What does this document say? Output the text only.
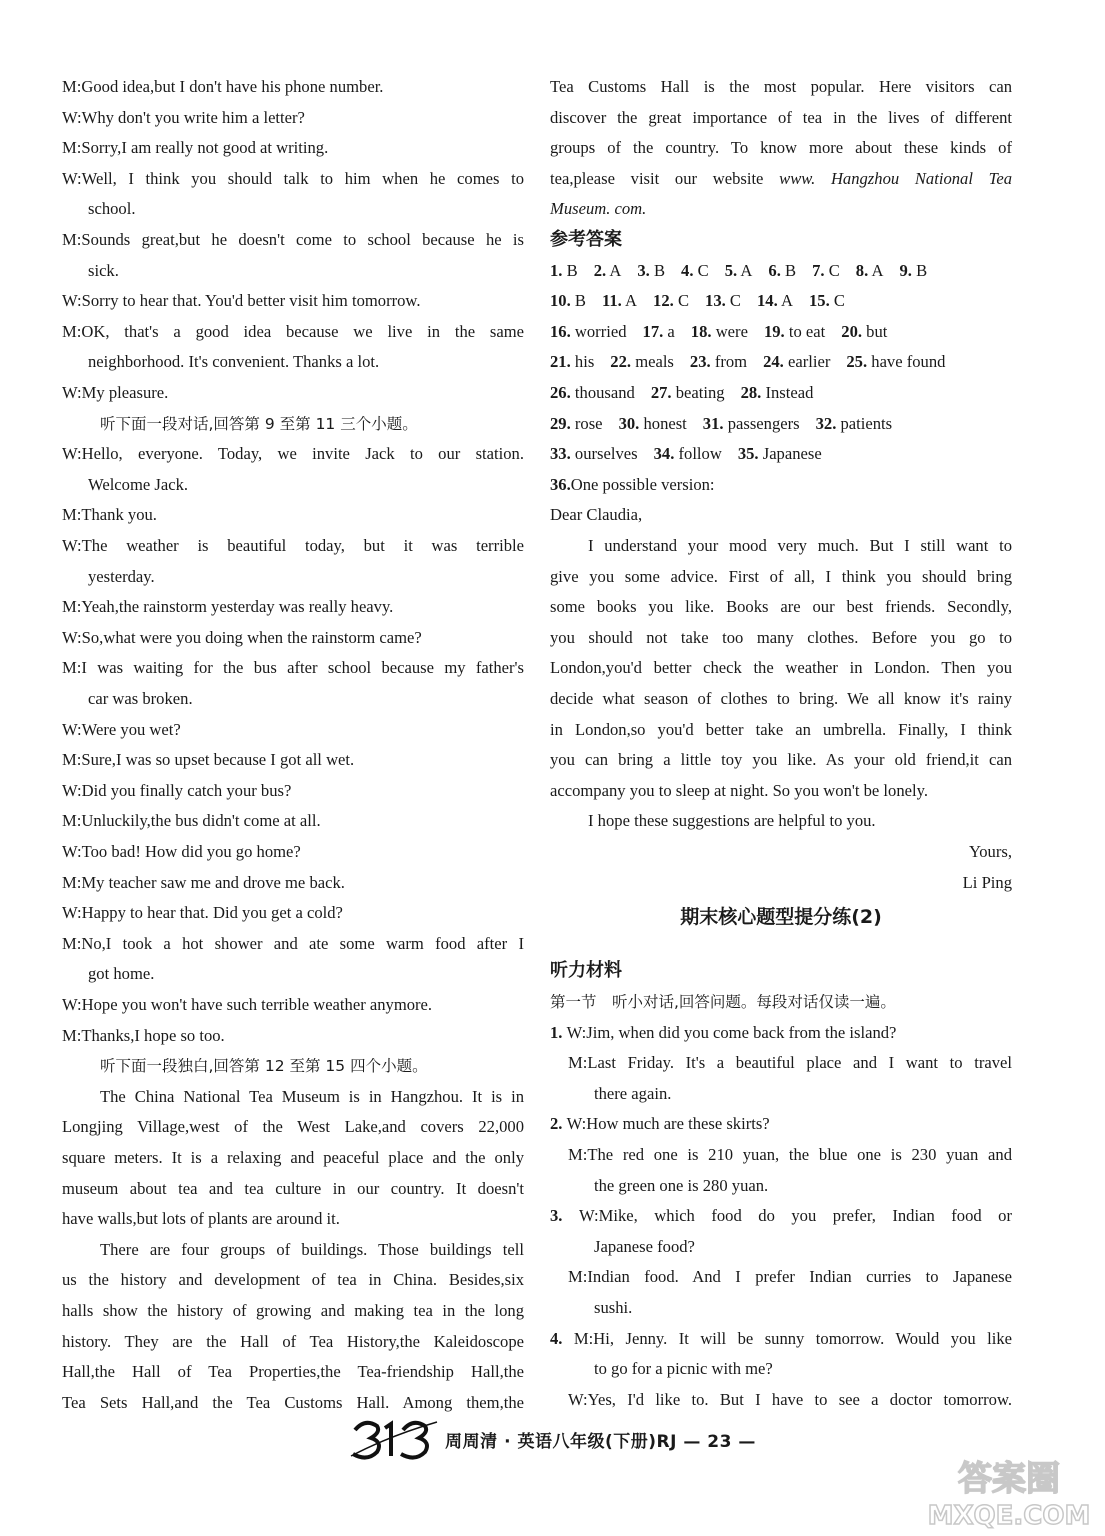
M:Good idea,but I don't have his phone number.
W:Why don't you write him a letter?
M:Sorry,I am really not good at writing.
W:Well, I think you should talk to him when he comes to
school.
M:Sounds great,but he doesn't come to school because he is
sick.
W:Sorry to hear that. You'd better visit him tomorrow.
M:OK, that's a good idea because we live in the same
neighborhood. It's convenient. Thanks a lot.
W:My pleasure.
听下面一段对话,回答第 9 至第 11 三个小题。
W:Hello, everyone. Today, we invite Jack to our station.
Welcome Jack.
M:Thank you.
W:The weather is beautiful today, but it was terrible
yesterday.
M:Yeah,the rainstorm yesterday was really heavy.
W:So,what were you doing when the rainstorm came?
M:I was waiting for the bus after school because my father's
car was broken.
W:Were you wet?
M:Sure,I was so upset because I got all wet.
W:Did you finally catch your bus?
M:Unluckily,the bus didn't come at all.
W:Too bad! How did you go home?
M:My teacher saw me and drove me back.
W:Happy to hear that. Did you get a cold?
M:No,I took a hot shower and ate some warm food after I
got home.
W:Hope you won't have such terrible weather anymore.
M:Thanks,I hope so too.
听下面一段独白,回答第 12 至第 15 四个小题。
The China National Tea Museum is in Hangzhou. It is in
Longjing Village,west of the West Lake,and covers 22,000
square meters. It is a relaxing and peaceful place and the only
museum about tea and tea culture in our country. It doesn't
have walls,but lots of plants are around it.
There are four groups of buildings. Those buildings tell
us the history and development of tea in China. Besides,six
halls show the history of growing and making tea in the long
history. They are the Hall of Tea History,the Kaleidoscope
Hall,the Hall of Tea Properties,the Tea-friendship Hall,the
Tea Sets Hall,and the Tea Customs Hall. Among them,the
Tea Customs Hall is the most popular. Here visitors can
discover the great importance of tea in the lives of different
groups of the country. To know more about these kinds of
tea,please visit our website www. Hangzhou National Tea
Museum. com.
参考答案
1. B 2. A 3. B 4. C 5. A 6. B 7. C 8. A 9. B
10. B 11. A 12. C 13. C 14. A 15. C
16. worried 17. a 18. were 19. to eat 20. but
21. his 22. meals 23. from 24. earlier 25. have found
26. thousand 27. beating 28. Instead
29. rose 30. honest 31. passengers 32. patients
33. ourselves 34. follow 35. Japanese
36.One possible version:
Dear Claudia,
I understand your mood very much. But I still want to
give you some advice. First of all, I think you should bring
some books you like. Books are our best friends. Secondly,
you should not take too many clothes. Before you go to
London,you'd better check the weather in London. Then you
decide what season of clothes to bring. We all know it's rainy
in London,so you'd better take an umbrella. Finally, I think
you can bring a little toy you like. As your old friend,it can
accompany you to sleep at night. So you won't be lonely.
I hope these suggestions are helpful to you.
Yours,
Li Ping
期末核心题型提分练(2)
听力材料
第一节　听小对话,回答问题。每段对话仅读一遍。
1. W:Jim, when did you come back from the island?
M:Last Friday. It's a beautiful place and I want to travel
there again.
2. W:How much are these skirts?
M:The red one is 210 yuan, the blue one is 230 yuan and
the green one is 280 yuan.
3. W:Mike, which food do you prefer, Indian food or
Japanese food?
M:Indian food. And I prefer Indian curries to Japanese
sushi.
4. M:Hi, Jenny. It will be sunny tomorrow. Would you like
to go for a picnic with me?
W:Yes, I'd like to. But I have to see a doctor tomorrow.
周周清 · 英语八年级(下册)RJ — 23 —
答案圈
MXQE.COM
